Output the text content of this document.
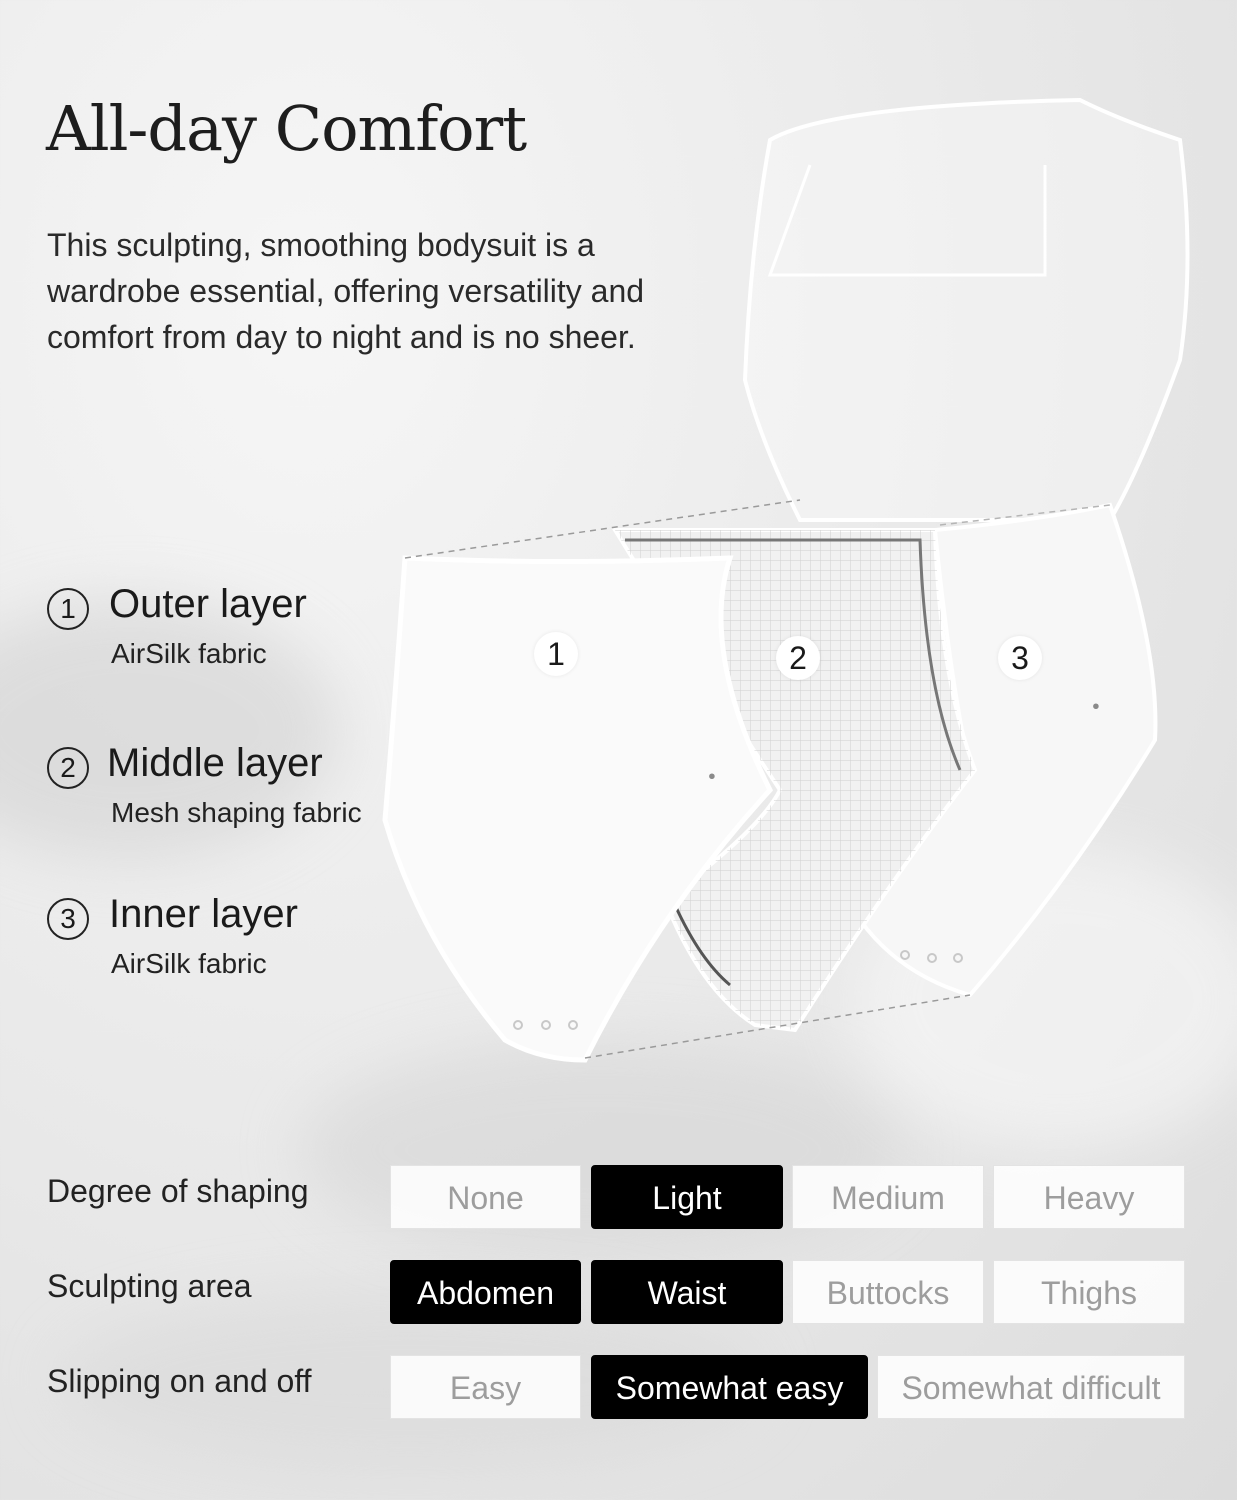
All-day Comfort

This sculpting, smoothing bodysuit is a wardrobe essential, offering versatility and comfort from day to night and is no sheer.

1 Outer layer
AirSilk fabric
2 Middle layer
Mesh shaping fabric
3 Inner layer
AirSilk fabric
ꔷ
ꔷ
1	2	3
Degree of shaping	None	Light	Medium	Heavy
Sculpting area	Abdomen	Waist	Buttocks	Thighs
Slipping on and off	Easy	Somewhat easy	Somewhat difficult
